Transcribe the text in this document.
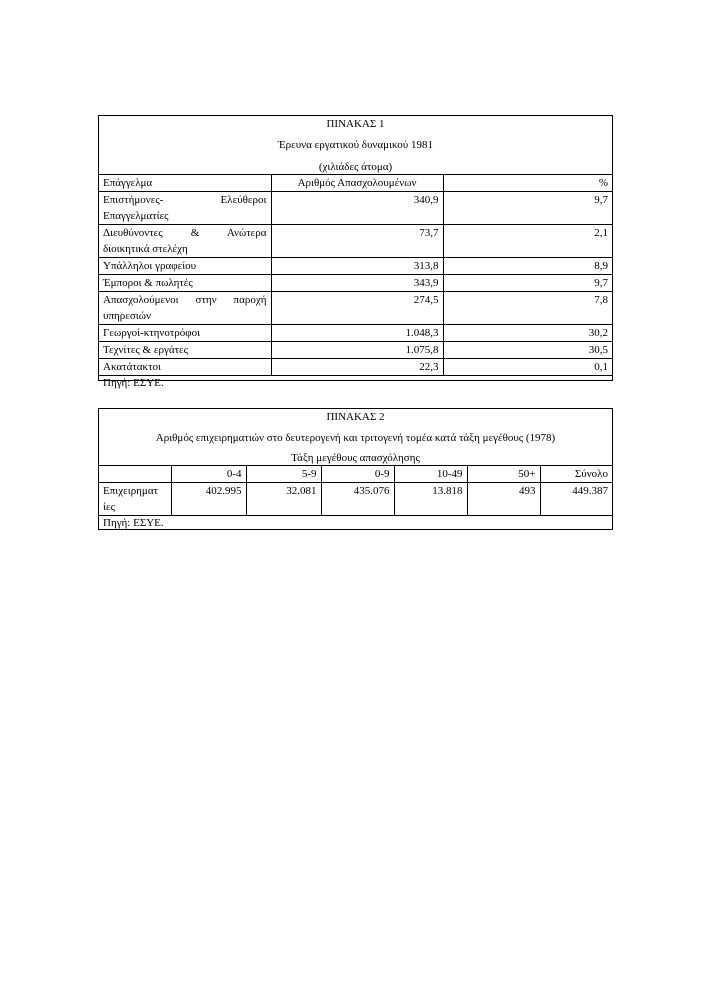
ΠΙΝΑΚΑΣ 1
Έρευνα εργατικού δυναμικού 1981
(χιλιάδες άτομα)
Επάγγελμα	Αριθμός Απασχολουμένων	%

Επιστήμονες- Ελεύθεροι
Επαγγελματίες	340,9	9,7

Διευθύνοντες & Ανώτερα
διοικητικά στελέχη	73,7	2,1
Υπάλληλοι γραφείου	313,8	8,9
Έμποροι & πωλητές	343,9	9,7

Απασχολούμενοι στην παροχή
υπηρεσιών	274,5	7,8
Γεωργοί-κτηνοτρόφοι	1.048,3	30,2
Τεχνίτες & εργάτες	1.075,8	30,5
Ακατάτακτοι	22,3	0,1
Πηγή: ΕΣΥΕ.
ΠΙΝΑΚΑΣ 2
Αριθμός επιχειρηματιών στο δευτερογενή και τριτογενή τομέα κατά τάξη μεγέθους (1978)
Τάξη μεγέθους απασχόλησης
	0-4	5-9	0-9	10-49	50+	Σύνολο

Επιχειρηματ
ίες	402.995	32.081	435.076	13.818	493	449.387
Πηγή: ΕΣΥΕ.
